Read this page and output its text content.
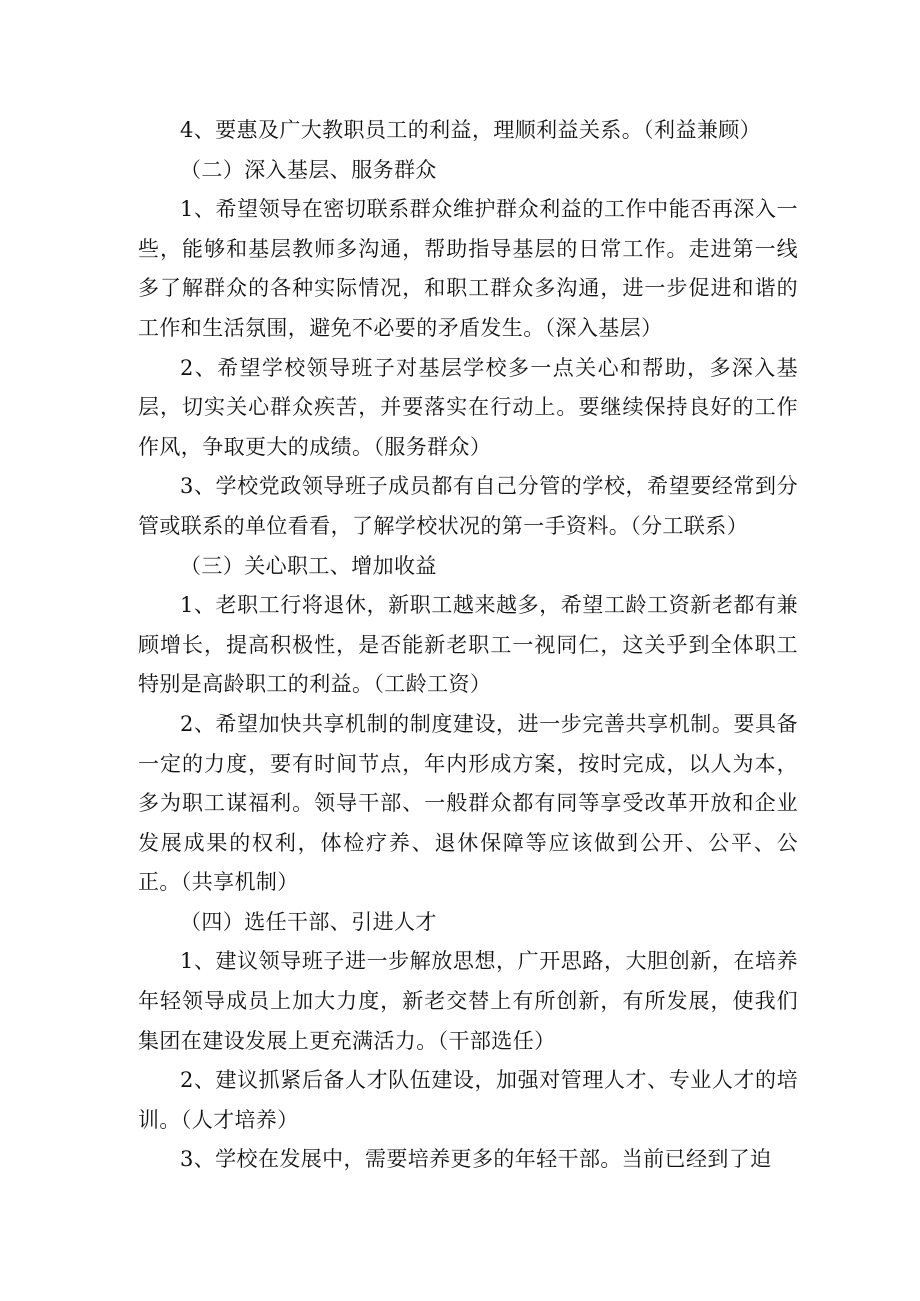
4、要惠及广大教职员工的利益，理顺利益关系。（利益兼顾）

（二）深入基层、服务群众

1、希望领导在密切联系群众维护群众利益的工作中能否再深入一些，能够和基层教师多沟通，帮助指导基层的日常工作。走进第一线多了解群众的各种实际情况，和职工群众多沟通，进一步促进和谐的工作和生活氛围，避免不必要的矛盾发生。（深入基层）

2、希望学校领导班子对基层学校多一点关心和帮助，多深入基层，切实关心群众疾苦，并要落实在行动上。要继续保持良好的工作作风，争取更大的成绩。（服务群众）

3、学校党政领导班子成员都有自己分管的学校，希望要经常到分管或联系的单位看看，了解学校状况的第一手资料。（分工联系）

（三）关心职工、增加收益

1、老职工行将退休，新职工越来越多，希望工龄工资新老都有兼顾增长，提高积极性，是否能新老职工一视同仁，这关乎到全体职工特别是高龄职工的利益。（工龄工资）

2、希望加快共享机制的制度建设，进一步完善共享机制。要具备一定的力度，要有时间节点，年内形成方案，按时完成，以人为本，多为职工谋福利。领导干部、一般群众都有同等享受改革开放和企业发展成果的权利，体检疗养、退休保障等应该做到公开、公平、公正。（共享机制）

（四）选任干部、引进人才

1、建议领导班子进一步解放思想，广开思路，大胆创新，在培养年轻领导成员上加大力度，新老交替上有所创新，有所发展，使我们集团在建设发展上更充满活力。（干部选任）

2、建议抓紧后备人才队伍建设，加强对管理人才、专业人才的培训。（人才培养）

3、学校在发展中，需要培养更多的年轻干部。当前已经到了迫
